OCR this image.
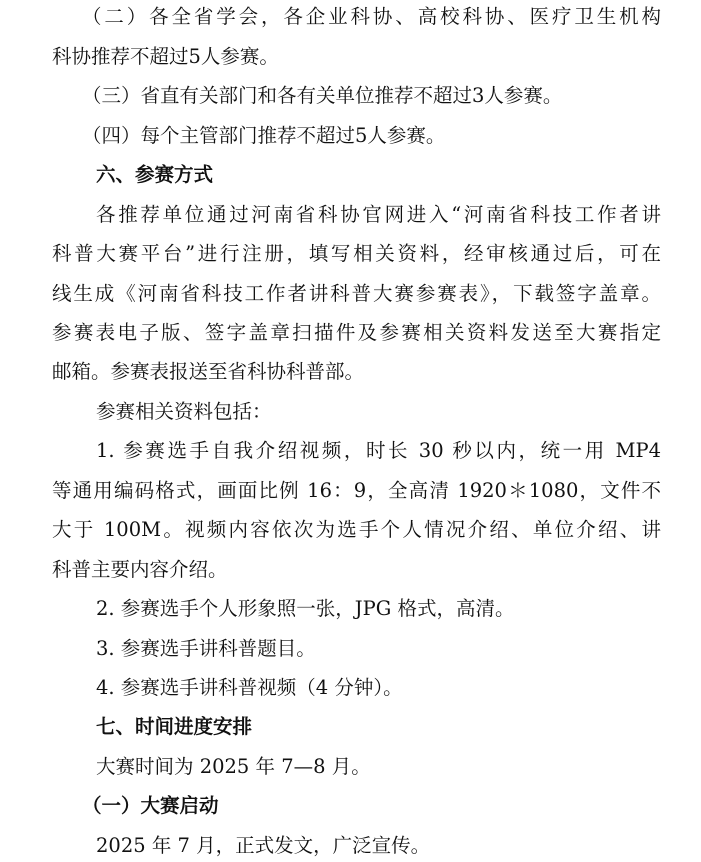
（二）各全省学会，各企业科协、高校科协、医疗卫生机构
科协推荐不超过5人参赛。
（三）省直有关部门和各有关单位推荐不超过3人参赛。
（四）每个主管部门推荐不超过5人参赛。
六、参赛方式
各推荐单位通过河南省科协官网进入“河南省科技工作者讲
科普大赛平台”进行注册，填写相关资料，经审核通过后，可在
线生成《河南省科技工作者讲科普大赛参赛表》，下载签字盖章。
参赛表电子版、签字盖章扫描件及参赛相关资料发送至大赛指定
邮箱。参赛表报送至省科协科普部。
参赛相关资料包括：
1. 参赛选手自我介绍视频，时长 30 秒以内，统一用 MP4
等通用编码格式，画面比例 16：9，全高清 1920＊1080，文件不
大于 100M。视频内容依次为选手个人情况介绍、单位介绍、讲
科普主要内容介绍。
2. 参赛选手个人形象照一张，JPG 格式，高清。
3. 参赛选手讲科普题目。
4. 参赛选手讲科普视频（4 分钟）。
七、时间进度安排
大赛时间为 2025 年 7—8 月。
（一）大赛启动
2025 年 7 月，正式发文，广泛宣传。
